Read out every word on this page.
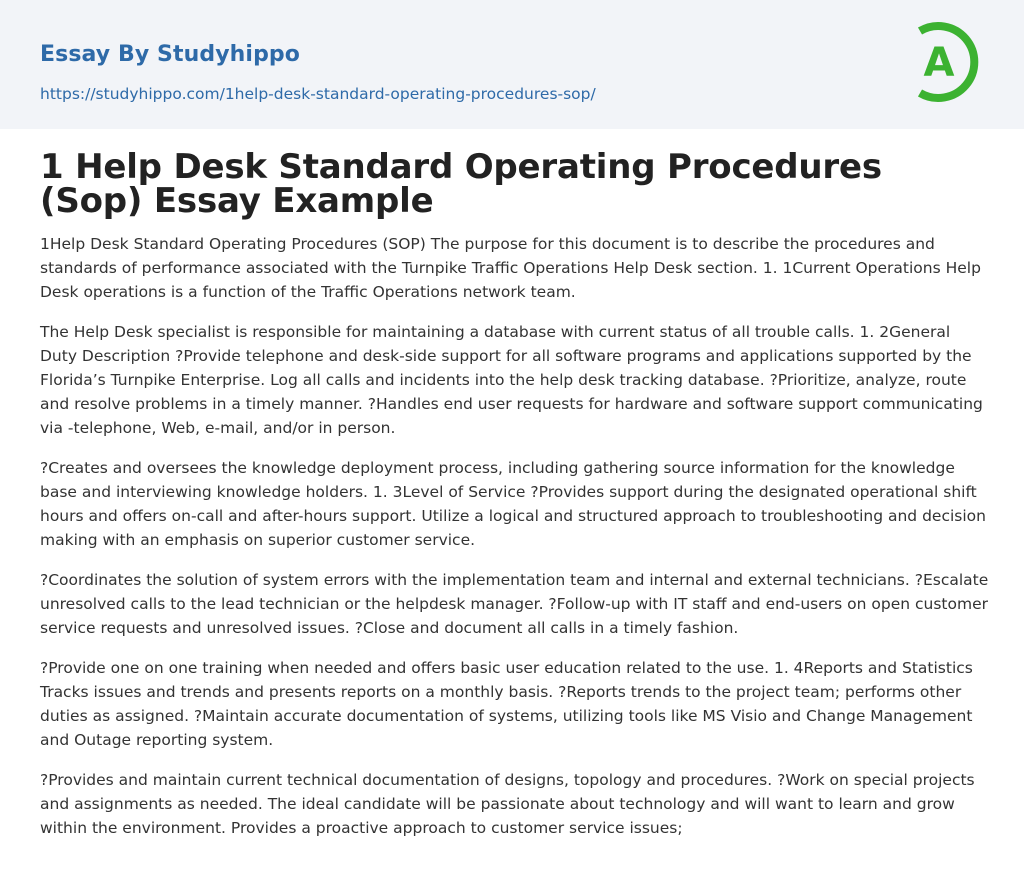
Essay By Studyhippo
https://studyhippo.com/1help-desk-standard-operating-procedures-sop/
A
1 Help Desk Standard Operating Procedures (Sop) Essay Example

1Help Desk Standard Operating Procedures (SOP) The purpose for this document is to describe the procedures and standards of performance associated with the Turnpike Traffic Operations Help Desk section. 1. 1Current Operations Help Desk operations is a function of the Traffic Operations network team.

The Help Desk specialist is responsible for maintaining a database with current status of all trouble calls. 1. 2General Duty Description ?Provide telephone and desk-side support for all software programs and applications supported by the Florida’s Turnpike Enterprise. Log all calls and incidents into the help desk tracking database. ?Prioritize, analyze, route and resolve problems in a timely manner. ?Handles end user requests for hardware and software support communicating via -telephone, Web, e-mail, and/or in person.

?Creates and oversees the knowledge deployment process, including gathering source information for the knowledge base and interviewing knowledge holders. 1. 3Level of Service ?Provides support during the designated operational shift hours and offers on-call and after-hours support. Utilize a logical and structured approach to troubleshooting and decision making with an emphasis on superior customer service.

?Coordinates the solution of system errors with the implementation team and internal and external technicians. ?Escalate unresolved calls to the lead technician or the helpdesk manager. ?Follow-up with IT staff and end-users on open customer service requests and unresolved issues. ?Close and document all calls in a timely fashion.

?Provide one on one training when needed and offers basic user education related to the use. 1. 4Reports and Statistics Tracks issues and trends and presents reports on a monthly basis. ?Reports trends to the project team; performs other duties as assigned. ?Maintain accurate documentation of systems, utilizing tools like MS Visio and Change Management and Outage reporting system.

?Provides and maintain current technical documentation of designs, topology and procedures. ?Work on special projects and assignments as needed. The ideal candidate will be passionate about technology and will want to learn and grow within the environment. Provides a proactive approach to customer service issues;
